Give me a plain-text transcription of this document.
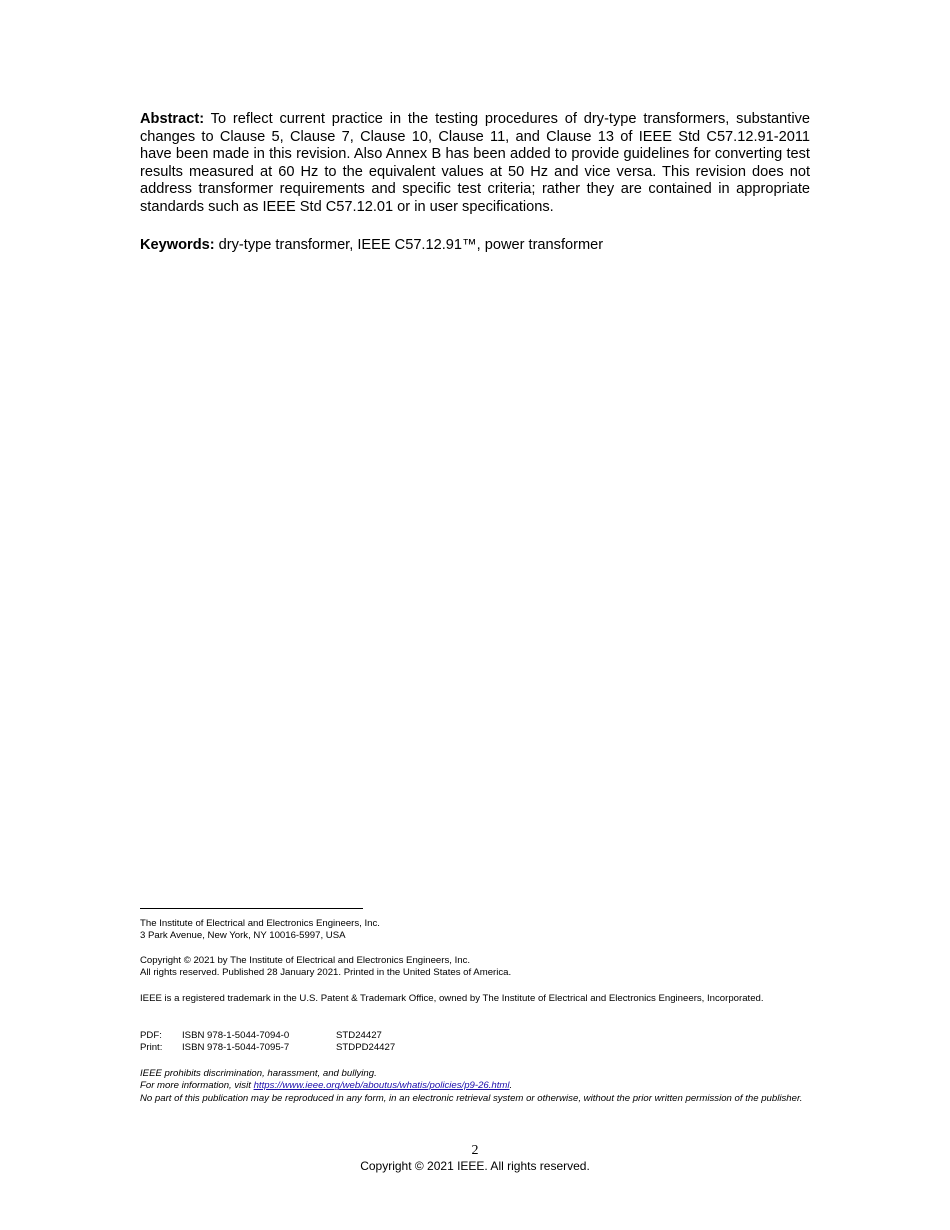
Abstract: To reflect current practice in the testing procedures of dry-type transformers, substantive changes to Clause 5, Clause 7, Clause 10, Clause 11, and Clause 13 of IEEE Std C57.12.91-2011 have been made in this revision. Also Annex B has been added to provide guidelines for converting test results measured at 60 Hz to the equivalent values at 50 Hz and vice versa. This revision does not address transformer requirements and specific test criteria; rather they are contained in appropriate standards such as IEEE Std C57.12.01 or in user specifications.

Keywords: dry-type transformer, IEEE C57.12.91™, power transformer

The Institute of Electrical and Electronics Engineers, Inc.
3 Park Avenue, New York, NY 10016-5997, USA
Copyright © 2021 by The Institute of Electrical and Electronics Engineers, Inc.
All rights reserved. Published 28 January 2021. Printed in the United States of America.
IEEE is a registered trademark in the U.S. Patent & Trademark Office, owned by The Institute of Electrical and Electronics Engineers, Incorporated.
PDF:	ISBN 978-1-5044-7094-0	STD24427
Print:	ISBN 978-1-5044-7095-7	STDPD24427
IEEE prohibits discrimination, harassment, and bullying.
For more information, visit https://www.ieee.org/web/aboutus/whatis/policies/p9-26.html.
No part of this publication may be reproduced in any form, in an electronic retrieval system or otherwise, without the prior written permission of the publisher.
2
Copyright © 2021 IEEE. All rights reserved.
